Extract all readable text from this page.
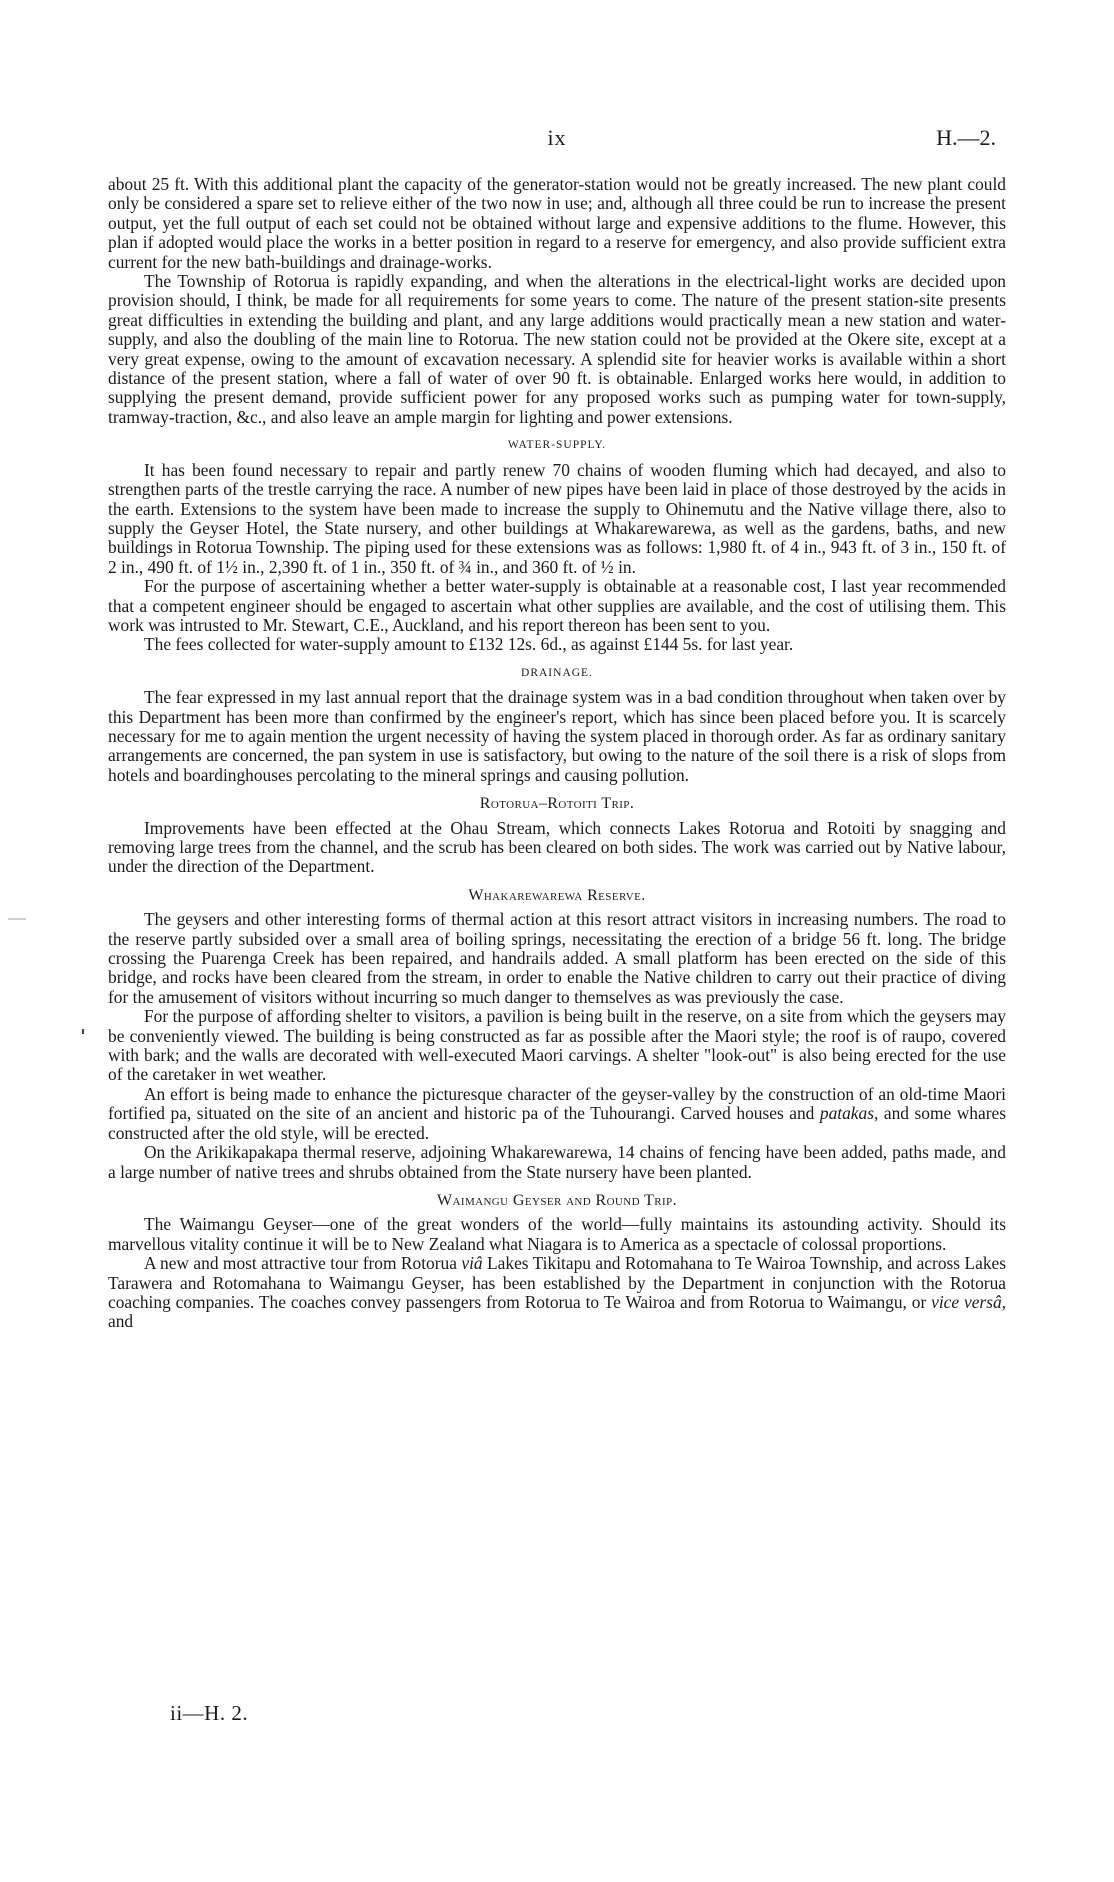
ix	H.—2.

about 25 ft. With this additional plant the capacity of the generator-station would not be greatly increased. The new plant could only be considered a spare set to relieve either of the two now in use; and, although all three could be run to increase the present output, yet the full output of each set could not be obtained without large and expensive additions to the flume. However, this plan if adopted would place the works in a better position in regard to a reserve for emergency, and also provide sufficient extra current for the new bath-buildings and drainage-works.

The Township of Rotorua is rapidly expanding, and when the alterations in the electrical-light works are decided upon provision should, I think, be made for all requirements for some years to come. The nature of the present station-site presents great difficulties in extending the building and plant, and any large additions would practically mean a new station and water-supply, and also the doubling of the main line to Rotorua. The new station could not be provided at the Okere site, except at a very great expense, owing to the amount of excavation necessary. A splendid site for heavier works is available within a short distance of the present station, where a fall of water of over 90 ft. is obtainable. Enlarged works here would, in addition to supplying the present demand, provide sufficient power for any proposed works such as pumping water for town-supply, tramway-traction, &c., and also leave an ample margin for lighting and power extensions.

WATER-SUPPLY.

It has been found necessary to repair and partly renew 70 chains of wooden fluming which had decayed, and also to strengthen parts of the trestle carrying the race. A number of new pipes have been laid in place of those destroyed by the acids in the earth. Extensions to the system have been made to increase the supply to Ohinemutu and the Native village there, also to supply the Geyser Hotel, the State nursery, and other buildings at Whakarewarewa, as well as the gardens, baths, and new buildings in Rotorua Township. The piping used for these extensions was as follows: 1,980 ft. of 4 in., 943 ft. of 3 in., 150 ft. of 2 in., 490 ft. of 1½ in., 2,390 ft. of 1 in., 350 ft. of ¾ in., and 360 ft. of ½ in.

For the purpose of ascertaining whether a better water-supply is obtainable at a reasonable cost, I last year recommended that a competent engineer should be engaged to ascertain what other supplies are available, and the cost of utilising them. This work was intrusted to Mr. Stewart, C.E., Auckland, and his report thereon has been sent to you.

The fees collected for water-supply amount to £132 12s. 6d., as against £144 5s. for last year.

DRAINAGE.

The fear expressed in my last annual report that the drainage system was in a bad condition throughout when taken over by this Department has been more than confirmed by the engineer's report, which has since been placed before you. It is scarcely necessary for me to again mention the urgent necessity of having the system placed in thorough order. As far as ordinary sanitary arrangements are concerned, the pan system in use is satisfactory, but owing to the nature of the soil there is a risk of slops from hotels and boardinghouses percolating to the mineral springs and causing pollution.

Rotorua–Rotoiti Trip.

Improvements have been effected at the Ohau Stream, which connects Lakes Rotorua and Rotoiti by snagging and removing large trees from the channel, and the scrub has been cleared on both sides. The work was carried out by Native labour, under the direction of the Department.

Whakarewarewa Reserve.

The geysers and other interesting forms of thermal action at this resort attract visitors in increasing numbers. The road to the reserve partly subsided over a small area of boiling springs, necessitating the erection of a bridge 56 ft. long. The bridge crossing the Puarenga Creek has been repaired, and handrails added. A small platform has been erected on the side of this bridge, and rocks have been cleared from the stream, in order to enable the Native children to carry out their practice of diving for the amusement of visitors without incurring so much danger to themselves as was previously the case.

For the purpose of affording shelter to visitors, a pavilion is being built in the reserve, on a site from which the geysers may be conveniently viewed. The building is being constructed as far as possible after the Maori style; the roof is of raupo, covered with bark; and the walls are decorated with well-executed Maori carvings. A shelter "look-out" is also being erected for the use of the caretaker in wet weather.

An effort is being made to enhance the picturesque character of the geyser-valley by the construction of an old-time Maori fortified pa, situated on the site of an ancient and historic pa of the Tuhourangi. Carved houses and patakas, and some whares constructed after the old style, will be erected.

On the Arikikapakapa thermal reserve, adjoining Whakarewarewa, 14 chains of fencing have been added, paths made, and a large number of native trees and shrubs obtained from the State nursery have been planted.

Waimangu Geyser and Round Trip.

The Waimangu Geyser—one of the great wonders of the world—fully maintains its astounding activity. Should its marvellous vitality continue it will be to New Zealand what Niagara is to America as a spectacle of colossal proportions.

A new and most attractive tour from Rotorua viâ Lakes Tikitapu and Rotomahana to Te Wairoa Township, and across Lakes Tarawera and Rotomahana to Waimangu Geyser, has been established by the Department in conjunction with the Rotorua coaching companies. The coaches convey passengers from Rotorua to Te Wairoa and from Rotorua to Waimangu, or vice versâ, and

ii—H. 2.
